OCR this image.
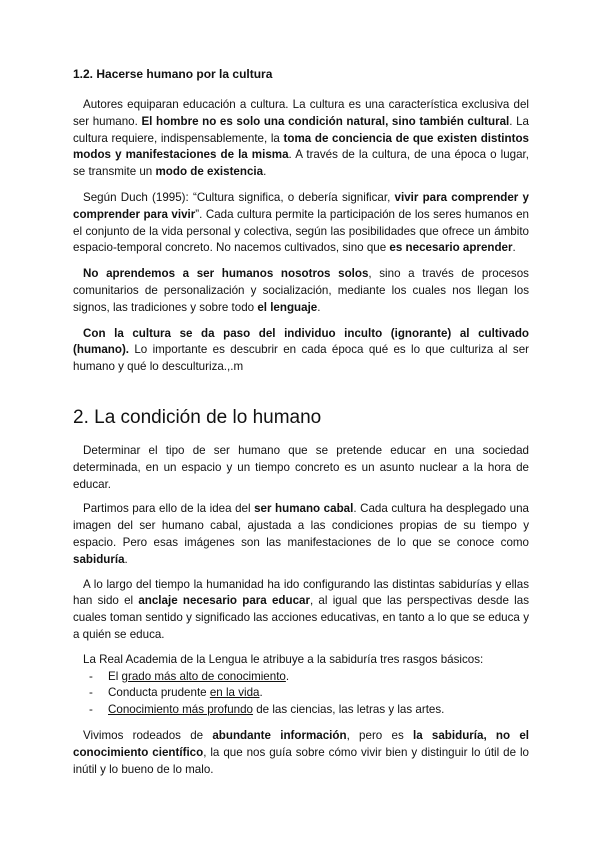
1.2. Hacerse humano por la cultura

Autores equiparan educación a cultura. La cultura es una característica exclusiva del ser humano. El hombre no es solo una condición natural, sino también cultural. La cultura requiere, indispensablemente, la toma de conciencia de que existen distintos modos y manifestaciones de la misma. A través de la cultura, de una época o lugar, se transmite un modo de existencia.

Según Duch (1995): “Cultura significa, o debería significar, vivir para comprender y comprender para vivir”. Cada cultura permite la participación de los seres humanos en el conjunto de la vida personal y colectiva, según las posibilidades que ofrece un ámbito espacio-temporal concreto. No nacemos cultivados, sino que es necesario aprender.

No aprendemos a ser humanos nosotros solos, sino a través de procesos comunitarios de personalización y socialización, mediante los cuales nos llegan los signos, las tradiciones y sobre todo el lenguaje.

Con la cultura se da paso del individuo inculto (ignorante) al cultivado (humano). Lo importante es descubrir en cada época qué es lo que culturiza al ser humano y qué lo desculturiza.,.m

2. La condición de lo humano

Determinar el tipo de ser humano que se pretende educar en una sociedad determinada, en un espacio y un tiempo concreto es un asunto nuclear a la hora de educar.

Partimos para ello de la idea del ser humano cabal. Cada cultura ha desplegado una imagen del ser humano cabal, ajustada a las condiciones propias de su tiempo y espacio. Pero esas imágenes son las manifestaciones de lo que se conoce como sabiduría.

A lo largo del tiempo la humanidad ha ido configurando las distintas sabidurías y ellas han sido el anclaje necesario para educar, al igual que las perspectivas desde las cuales toman sentido y significado las acciones educativas, en tanto a lo que se educa y a quién se educa.

La Real Academia de la Lengua le atribuye a la sabiduría tres rasgos básicos:
- El grado más alto de conocimiento.
- Conducta prudente en la vida.
- Conocimiento más profundo de las ciencias, las letras y las artes.

Vivimos rodeados de abundante información, pero es la sabiduría, no el conocimiento científico, la que nos guía sobre cómo vivir bien y distinguir lo útil de lo inútil y lo bueno de lo malo.
